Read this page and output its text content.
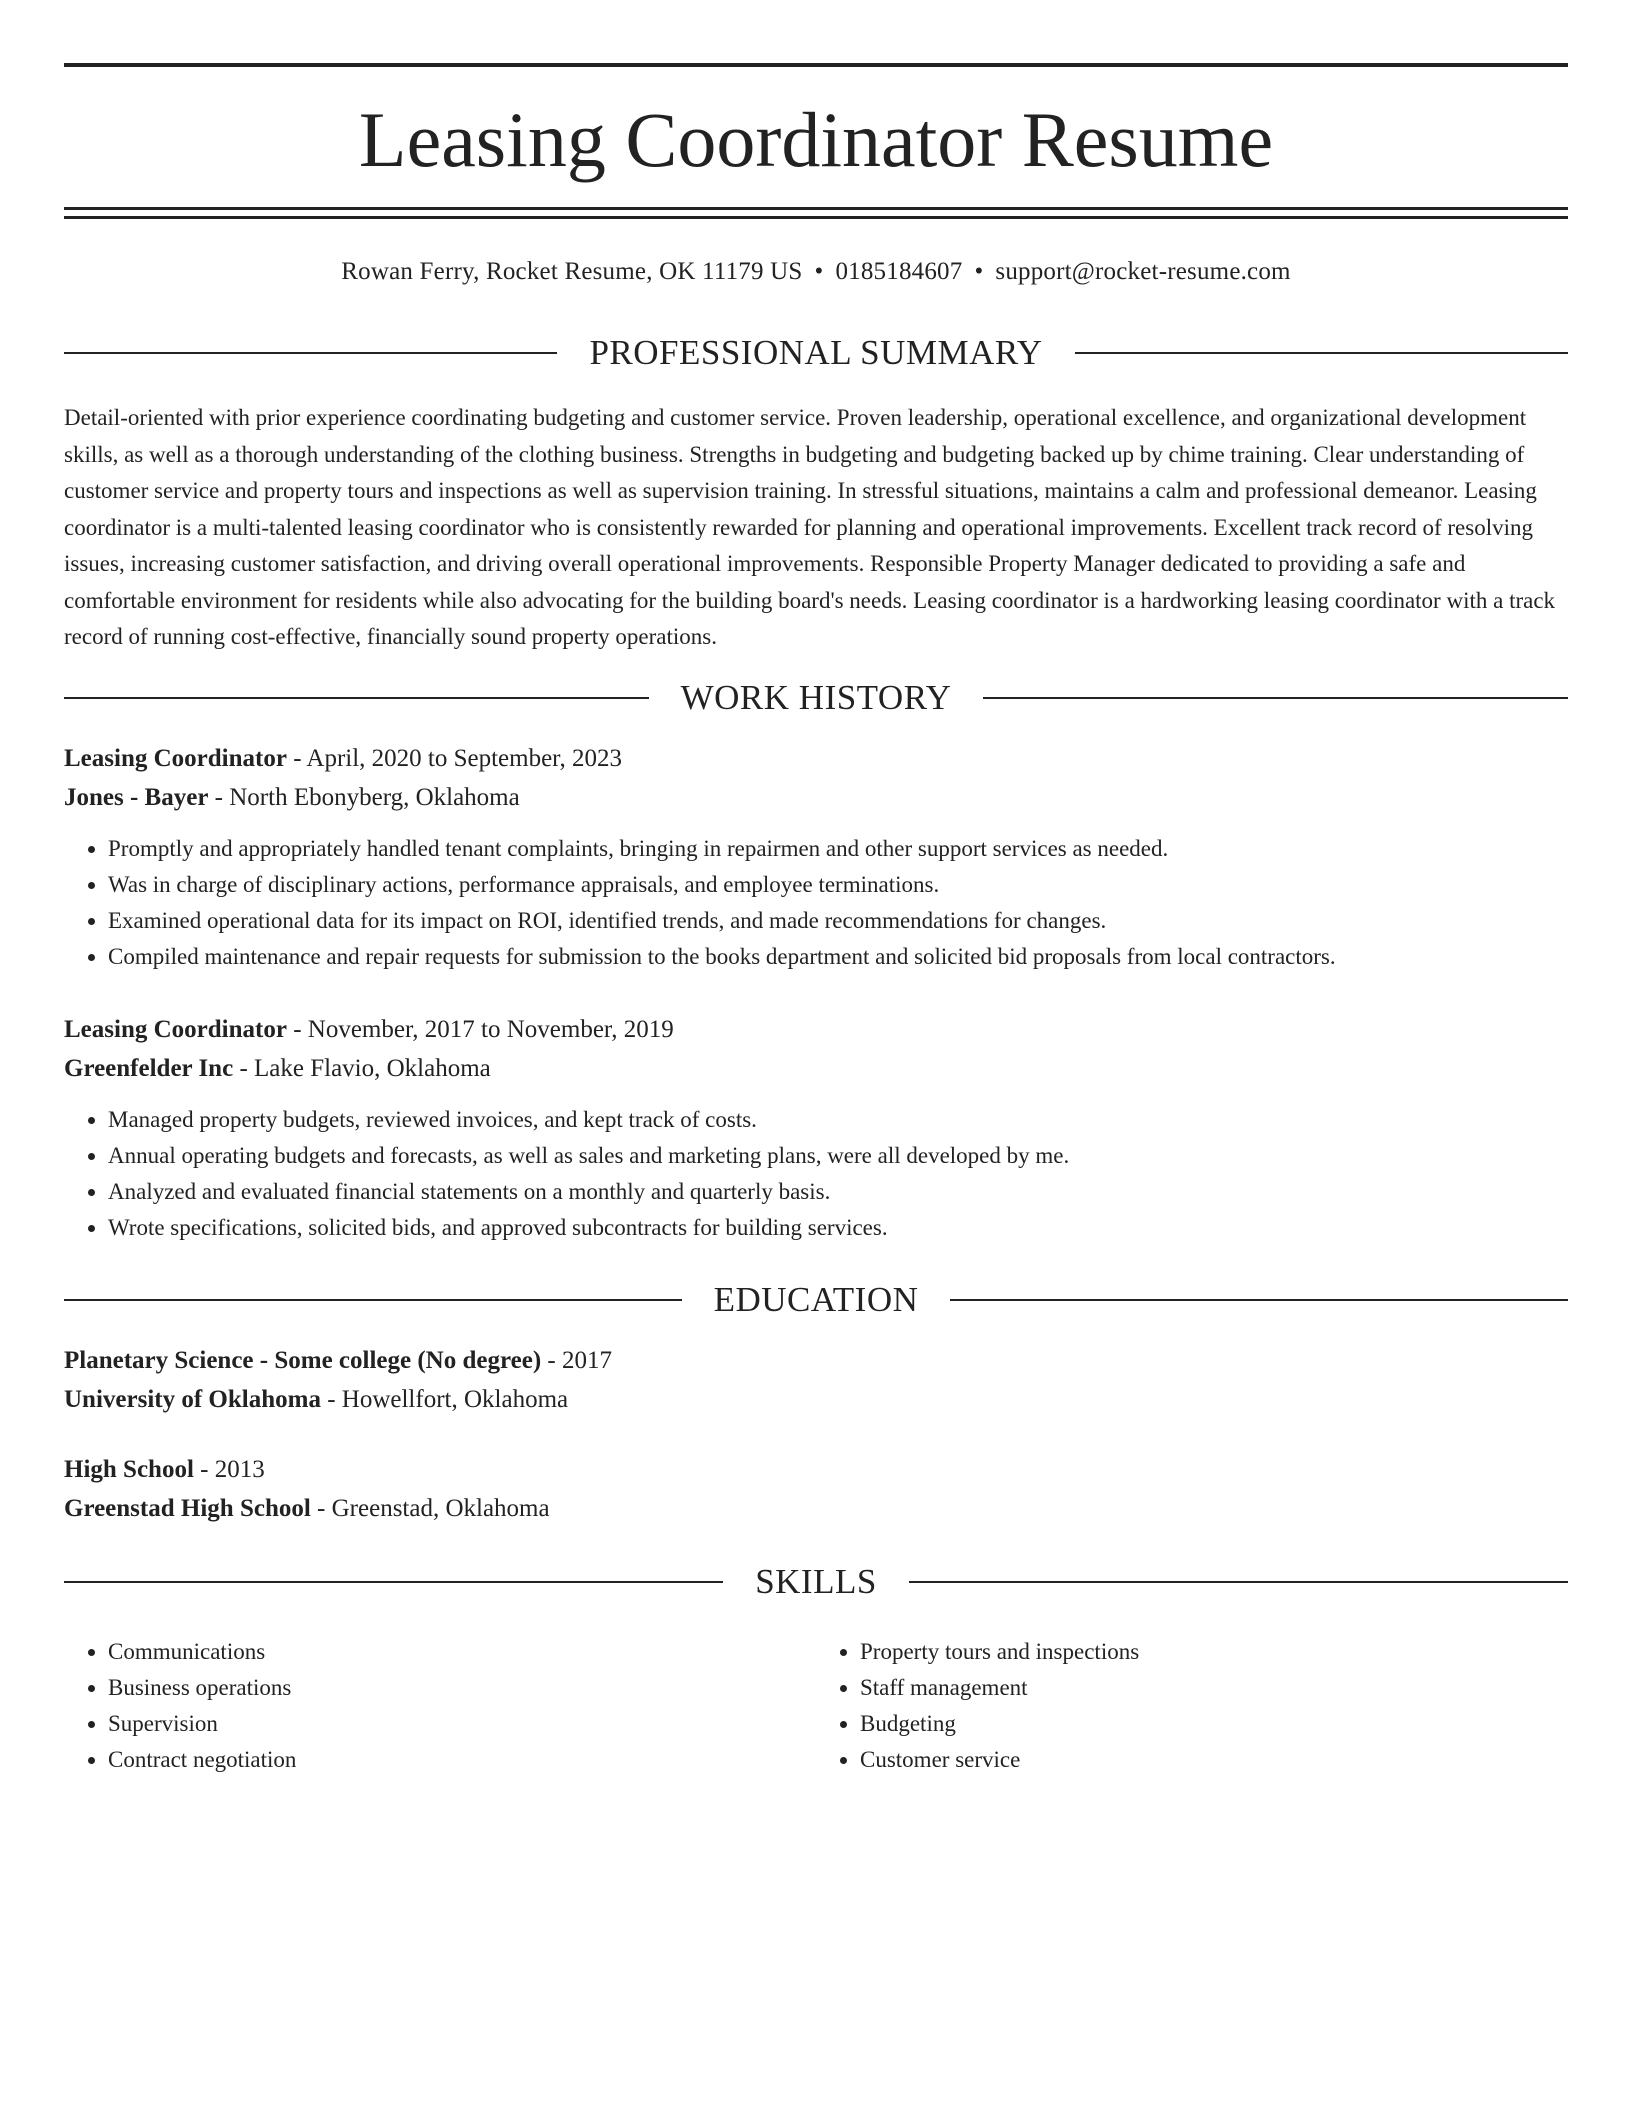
Leasing Coordinator Resume
Rowan Ferry, Rocket Resume, OK 11179 US • 0185184607 • support@rocket-resume.com
PROFESSIONAL SUMMARY

Detail-oriented with prior experience coordinating budgeting and customer service. Proven leadership, operational excellence, and organizational development skills, as well as a thorough understanding of the clothing business. Strengths in budgeting and budgeting backed up by chime training. Clear understanding of customer service and property tours and inspections as well as supervision training. In stressful situations, maintains a calm and professional demeanor. Leasing coordinator is a multi-talented leasing coordinator who is consistently rewarded for planning and operational improvements. Excellent track record of resolving issues, increasing customer satisfaction, and driving overall operational improvements. Responsible Property Manager dedicated to providing a safe and comfortable environment for residents while also advocating for the building board's needs. Leasing coordinator is a hardworking leasing coordinator with a track record of running cost-effective, financially sound property operations.

WORK HISTORY
Leasing Coordinator - April, 2020 to September, 2023
Jones - Bayer - North Ebonyberg, Oklahoma
• Promptly and appropriately handled tenant complaints, bringing in repairmen and other support services as needed.
• Was in charge of disciplinary actions, performance appraisals, and employee terminations.
• Examined operational data for its impact on ROI, identified trends, and made recommendations for changes.
• Compiled maintenance and repair requests for submission to the books department and solicited bid proposals from local contractors.
Leasing Coordinator - November, 2017 to November, 2019
Greenfelder Inc - Lake Flavio, Oklahoma
• Managed property budgets, reviewed invoices, and kept track of costs.
• Annual operating budgets and forecasts, as well as sales and marketing plans, were all developed by me.
• Analyzed and evaluated financial statements on a monthly and quarterly basis.
• Wrote specifications, solicited bids, and approved subcontracts for building services.
EDUCATION
Planetary Science - Some college (No degree) - 2017
University of Oklahoma - Howellfort, Oklahoma
High School - 2013
Greenstad High School - Greenstad, Oklahoma
SKILLS
• Communications
• Business operations
• Supervision
• Contract negotiation
• Property tours and inspections
• Staff management
• Budgeting
• Customer service
